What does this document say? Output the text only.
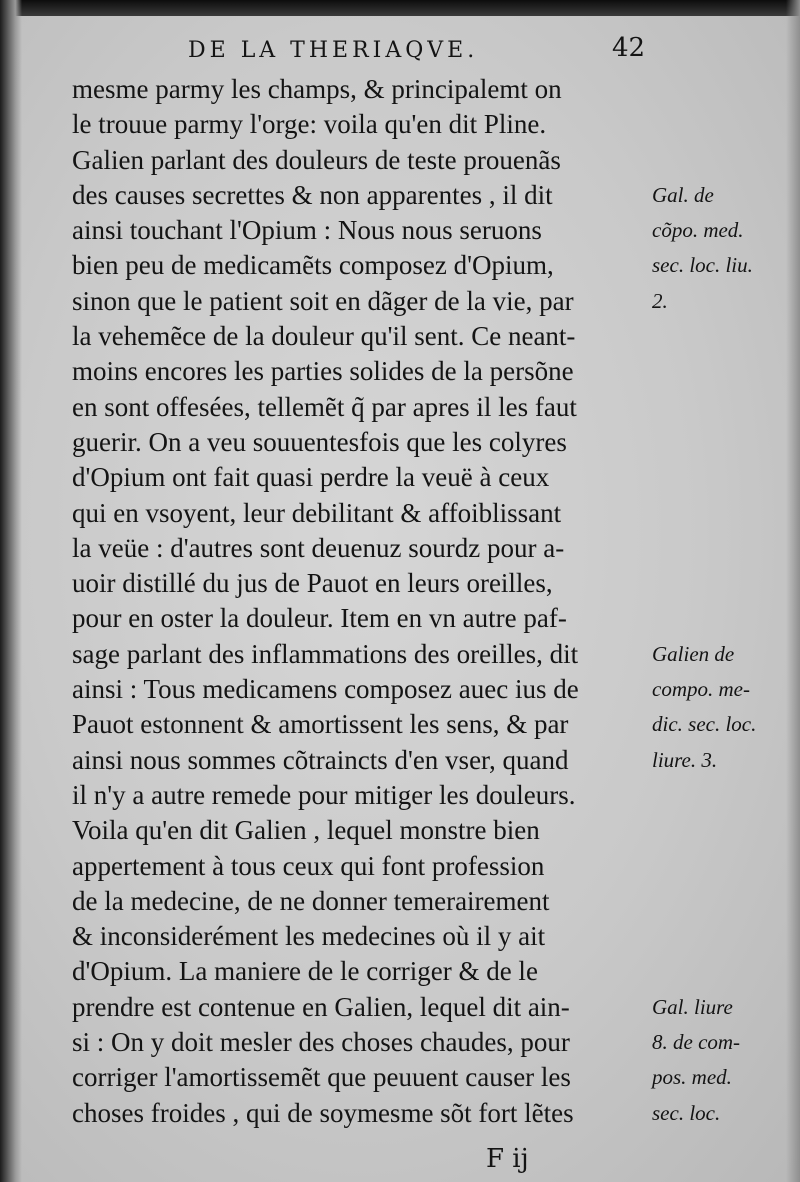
DE LA THERIAQVE.	42
mesme parmy les champs, & principalemt on
le trouue parmy l'orge: voila qu'en dit Pline.
Galien parlant des douleurs de teste prouenãs
des causes secrettes & non apparentes , il dit
ainsi touchant l'Opium : Nous nous seruons
bien peu de medicamẽts composez d'Opium,
sinon que le patient soit en dãger de la vie, par
la vehemẽce de la douleur qu'il sent. Ce neant-
moins encores les parties solides de la persõne
en sont offesées, tellemẽt q̃ par apres il les faut
guerir. On a veu souuentesfois que les colyres
d'Opium ont fait quasi perdre la veuë à ceux
qui en vsoyent, leur debilitant & affoiblissant
la veüe : d'autres sont deuenuz sourdz pour a-
uoir distillé du jus de Pauot en leurs oreilles,
pour en oster la douleur. Item en vn autre paf-
sage parlant des inflammations des oreilles, dit
ainsi : Tous medicamens composez auec ius de
Pauot estonnent & amortissent les sens, & par
ainsi nous sommes cõtraincts d'en vser, quand
il n'y a autre remede pour mitiger les douleurs.
Voila qu'en dit Galien , lequel monstre bien
appertement à tous ceux qui font profession
de la medecine, de ne donner temerairement
& inconsiderément les medecines où il y ait
d'Opium. La maniere de le corriger & de le
prendre est contenue en Galien, lequel dit ain-
si : On y doit mesler des choses chaudes, pour
corriger l'amortissemẽt que peuuent causer les
choses froides , qui de soymesme sõt fort lẽtes
Gal. de
cõpo. med.
sec. loc. liu.
2.
Galien de
compo. me-
dic. sec. loc.
liure. 3.
Gal. liure
8. de com-
pos. med.
sec. loc.
F ij
